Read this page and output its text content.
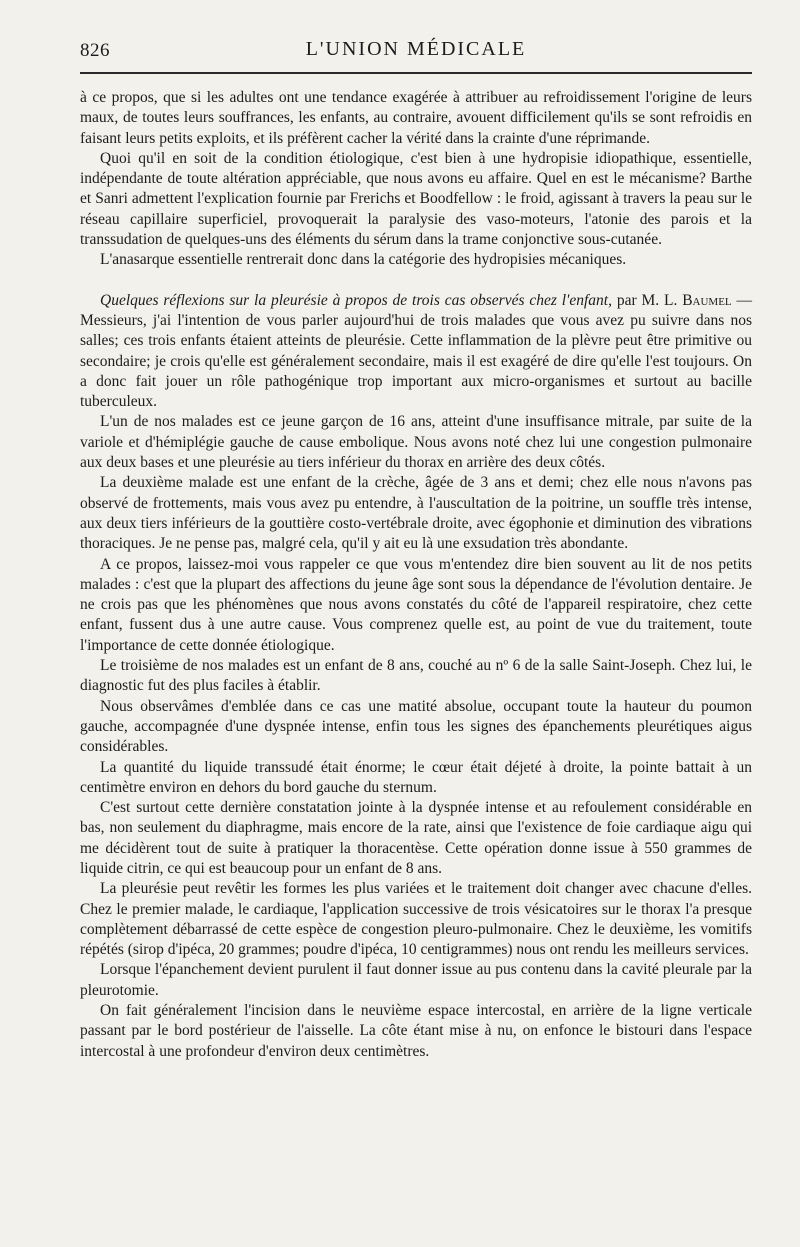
826	L'UNION MÉDICALE

à ce propos, que si les adultes ont une tendance exagérée à attribuer au refroidissement l'origine de leurs maux, de toutes leurs souffrances, les enfants, au contraire, avouent difficilement qu'ils se sont refroidis en faisant leurs petits exploits, et ils préfèrent cacher la vérité dans la crainte d'une réprimande.

Quoi qu'il en soit de la condition étiologique, c'est bien à une hydropisie idiopathique, essentielle, indépendante de toute altération appréciable, que nous avons eu affaire. Quel en est le mécanisme? Barthe et Sanri admettent l'explication fournie par Frerichs et Boodfellow : le froid, agissant à travers la peau sur le réseau capillaire superficiel, provoquerait la paralysie des vaso-moteurs, l'atonie des parois et la transsudation de quelques-uns des éléments du sérum dans la trame conjonctive sous-cutanée.

L'anasarque essentielle rentrerait donc dans la catégorie des hydropisies mécaniques.

Quelques réflexions sur la pleurésie à propos de trois cas observés chez l'enfant, par M. L. Baumel — Messieurs, j'ai l'intention de vous parler aujourd'hui de trois malades que vous avez pu suivre dans nos salles; ces trois enfants étaient atteints de pleurésie. Cette inflammation de la plèvre peut être primitive ou secondaire; je crois qu'elle est généralement secondaire, mais il est exagéré de dire qu'elle l'est toujours. On a donc fait jouer un rôle pathogénique trop important aux micro-organismes et surtout au bacille tuberculeux.

L'un de nos malades est ce jeune garçon de 16 ans, atteint d'une insuffisance mitrale, par suite de la variole et d'hémiplégie gauche de cause embolique. Nous avons noté chez lui une congestion pulmonaire aux deux bases et une pleurésie au tiers inférieur du thorax en arrière des deux côtés.

La deuxième malade est une enfant de la crèche, âgée de 3 ans et demi; chez elle nous n'avons pas observé de frottements, mais vous avez pu entendre, à l'auscultation de la poitrine, un souffle très intense, aux deux tiers inférieurs de la gouttière costo-vertébrale droite, avec égophonie et diminution des vibrations thoraciques. Je ne pense pas, malgré cela, qu'il y ait eu là une exsudation très abondante.

A ce propos, laissez-moi vous rappeler ce que vous m'entendez dire bien souvent au lit de nos petits malades : c'est que la plupart des affections du jeune âge sont sous la dépendance de l'évolution dentaire. Je ne crois pas que les phénomènes que nous avons constatés du côté de l'appareil respiratoire, chez cette enfant, fussent dus à une autre cause. Vous comprenez quelle est, au point de vue du traitement, toute l'importance de cette donnée étiologique.

Le troisième de nos malades est un enfant de 8 ans, couché au nº 6 de la salle Saint-Joseph. Chez lui, le diagnostic fut des plus faciles à établir.

Nous observâmes d'emblée dans ce cas une matité absolue, occupant toute la hauteur du poumon gauche, accompagnée d'une dyspnée intense, enfin tous les signes des épanchements pleurétiques aigus considérables.

La quantité du liquide transsudé était énorme; le cœur était déjeté à droite, la pointe battait à un centimètre environ en dehors du bord gauche du sternum.

C'est surtout cette dernière constatation jointe à la dyspnée intense et au refoulement considérable en bas, non seulement du diaphragme, mais encore de la rate, ainsi que l'existence de foie cardiaque aigu qui me décidèrent tout de suite à pratiquer la thoracentèse. Cette opération donne issue à 550 grammes de liquide citrin, ce qui est beaucoup pour un enfant de 8 ans.

La pleurésie peut revêtir les formes les plus variées et le traitement doit changer avec chacune d'elles. Chez le premier malade, le cardiaque, l'application successive de trois vésicatoires sur le thorax l'a presque complètement débarrassé de cette espèce de congestion pleuro-pulmonaire. Chez le deuxième, les vomitifs répétés (sirop d'ipéca, 20 grammes; poudre d'ipéca, 10 centigrammes) nous ont rendu les meilleurs services.

Lorsque l'épanchement devient purulent il faut donner issue au pus contenu dans la cavité pleurale par la pleurotomie.

On fait généralement l'incision dans le neuvième espace intercostal, en arrière de la ligne verticale passant par le bord postérieur de l'aisselle. La côte étant mise à nu, on enfonce le bistouri dans l'espace intercostal à une profondeur d'environ deux centimètres.
